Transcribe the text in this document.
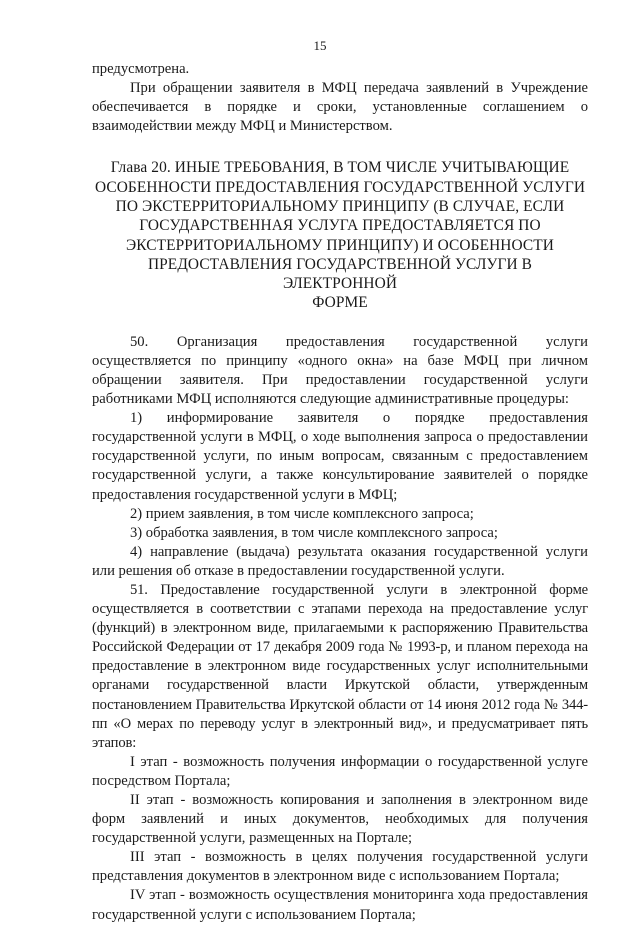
15

предусмотрена.

При обращении заявителя в МФЦ передача заявлений в Учреждение обеспечивается в порядке и сроки, установленные соглашением о взаимодействии между МФЦ и Министерством.

Глава 20. ИНЫЕ ТРЕБОВАНИЯ, В ТОМ ЧИСЛЕ УЧИТЫВАЮЩИЕ
ОСОБЕННОСТИ ПРЕДОСТАВЛЕНИЯ ГОСУДАРСТВЕННОЙ УСЛУГИ
ПО ЭКСТЕРРИТОРИАЛЬНОМУ ПРИНЦИПУ (В СЛУЧАЕ, ЕСЛИ
ГОСУДАРСТВЕННАЯ УСЛУГА ПРЕДОСТАВЛЯЕТСЯ ПО
ЭКСТЕРРИТОРИАЛЬНОМУ ПРИНЦИПУ) И ОСОБЕННОСТИ
ПРЕДОСТАВЛЕНИЯ ГОСУДАРСТВЕННОЙ УСЛУГИ В ЭЛЕКТРОННОЙ
ФОРМЕ

50. Организация предоставления государственной услуги осуществляется по принципу «одного окна» на базе МФЦ при личном обращении заявителя. При предоставлении государственной услуги работниками МФЦ исполняются следующие административные процедуры:

1) информирование заявителя о порядке предоставления государственной услуги в МФЦ, о ходе выполнения запроса о предоставлении государственной услуги, по иным вопросам, связанным с предоставлением государственной услуги, а также консультирование заявителей о порядке предоставления государственной услуги в МФЦ;

2) прием заявления, в том числе комплексного запроса;

3) обработка заявления, в том числе комплексного запроса;

4) направление (выдача) результата оказания государственной услуги или решения об отказе в предоставлении государственной услуги.

51. Предоставление государственной услуги в электронной форме осуществляется в соответствии с этапами перехода на предоставление услуг (функций) в электронном виде, прилагаемыми к распоряжению Правительства Российской Федерации от 17 декабря 2009 года № 1993-р, и планом перехода на предоставление в электронном виде государственных услуг исполнительными органами государственной власти Иркутской области, утвержденным постановлением Правительства Иркутской области от 14 июня 2012 года № 344-пп «О мерах по переводу услуг в электронный вид», и предусматривает пять этапов:

I этап - возможность получения информации о государственной услуге посредством Портала;

II этап - возможность копирования и заполнения в электронном виде форм заявлений и иных документов, необходимых для получения государственной услуги, размещенных на Портале;

III этап - возможность в целях получения государственной услуги представления документов в электронном виде с использованием Портала;

IV этап - возможность осуществления мониторинга хода предоставления государственной услуги с использованием Портала;
